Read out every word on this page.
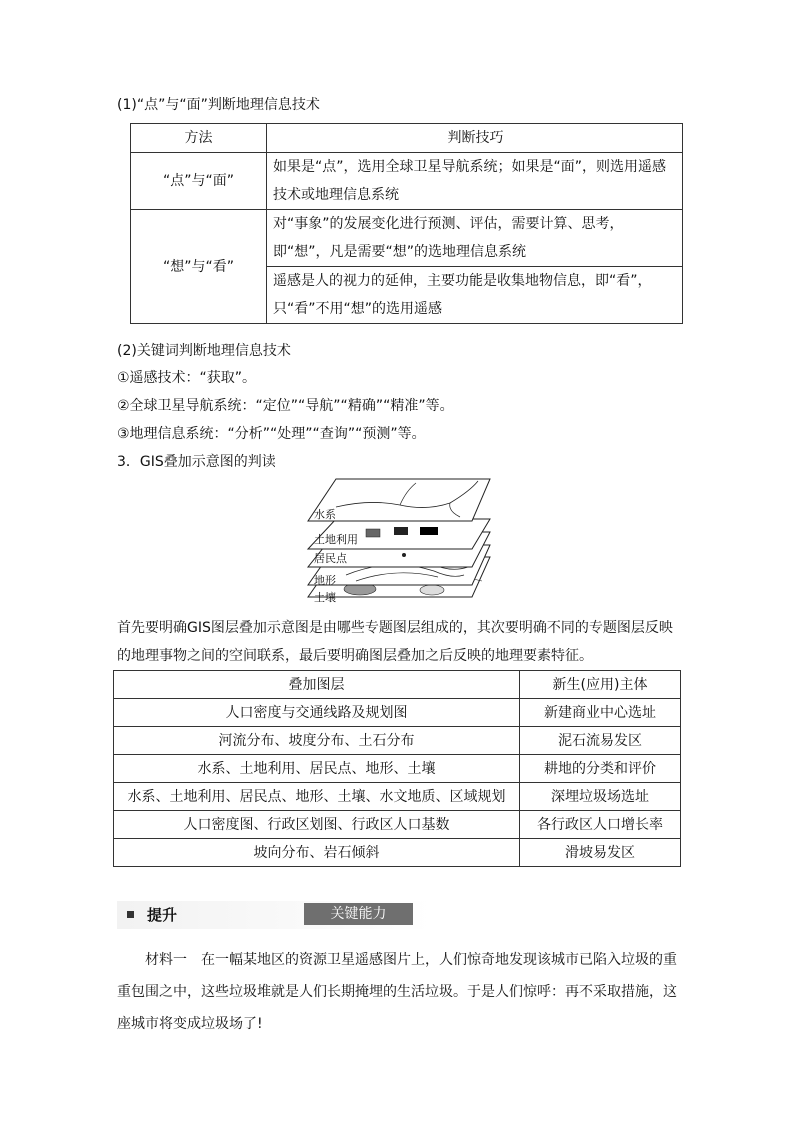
(1)“点”与“面”判断地理信息技术
方法	判断技巧
“点”与“面”	如果是“点”，选用全球卫星导航系统；如果是“面”，则选用遥感技术或地理信息系统
“想”与“看”	对“事象”的发展变化进行预测、评估，需要计算、思考，即“想”，凡是需要“想”的选地理信息系统
	遥感是人的视力的延伸，主要功能是收集地物信息，即“看”，只“看”不用“想”的选用遥感
(2)关键词判断地理信息技术
①遥感技术：“获取”。
②全球卫星导航系统：“定位”“导航”“精确”“精准”等。
③地理信息系统：“分析”“处理”“查询”“预测”等。
3．GIS叠加示意图的判读
水系
土地利用
居民点
地形
土壤
首先要明确GIS图层叠加示意图是由哪些专题图层组成的，其次要明确不同的专题图层反映的地理事物之间的空间联系，最后要明确图层叠加之后反映的地理要素特征。
叠加图层	新生(应用)主体
人口密度与交通线路及规划图	新建商业中心选址
河流分布、坡度分布、土石分布	泥石流易发区
水系、土地利用、居民点、地形、土壤	耕地的分类和评价
水系、土地利用、居民点、地形、土壤、水文地质、区域规划	深埋垃圾场选址
人口密度图、行政区划图、行政区人口基数	各行政区人口增长率
坡向分布、岩石倾斜	滑坡易发区
提升	关键能力
材料一　在一幅某地区的资源卫星遥感图片上，人们惊奇地发现该城市已陷入垃圾的重重包围之中，这些垃圾堆就是人们长期掩埋的生活垃圾。于是人们惊呼：再不采取措施，这座城市将变成垃圾场了!
